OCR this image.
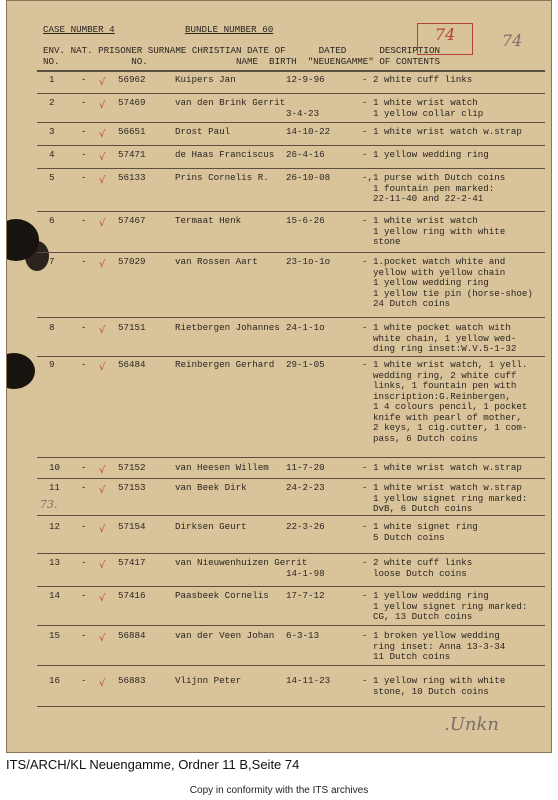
CASE NUMBER 4	BUNDLE NUMBER 60	74	74
ENV. NAT. PRISONER SURNAME CHRISTIAN DATE OF      DATED      DESCRIPTION
NO.             NO.                NAME  BIRTH  "NEUENGAMME" OF CONTENTS
1	-	56962	Kuipers Jan	12-9-96	- 2 white cuff links
√
2	-	57469	van den Brink Gerrit
3-4-23
- 1 white wrist watch
1 yellow collar clip
√
3	-	56651	Drost Paul	14-10-22	- 1 white wrist watch w.strap
√
4	-	57471	de Haas Franciscus 26-4-16	- 1 yellow wedding ring
√
5	-	56133	Prins Cornelis R. 26-10-08	-, 1 purse with Dutch coins
1 fountain pen marked:
22-11-40 and 22-2-41
√
6	-	57467	Termaat Henk	15-6-26	- 1 white wrist watch
1 yellow ring with white
stone
√
7	-	57029	van Rossen Aart	23-1o-1o	- 1.pocket watch white and
yellow with yellow chain
1 yellow wedding ring
1 yellow tie pin (horse-shoe)
24 Dutch coins
√
8	-	57151	Rietbergen Johannes 24-1-1o	- 1 white pocket watch with
white chain, 1 yellow wed-
ding ring inset:W.V.5-1-32
√
9	-	56484	Reinbergen Gerhard 29-1-05	- 1 white wrist watch, 1 yell.
wedding ring, 2 white cuff
links, 1 fountain pen with
inscription:G.Reinbergen,
1 4 colours pencil, 1 pocket
knife with pearl of mother,
2 keys, 1 cig.cutter, 1 com-
pass, 6 Dutch coins
√
10 -	57152	van Heesen Willem 11-7-20	- 1 white wrist watch w.strap
√
11 -	57153	van Beek Dirk	24-2-23	- 1 white wrist watch w.strap
1 yellow signet ring marked:
DvB, 6 Dutch coins
√
12 -	57154	Dirksen Geurt	22-3-26	- 1 white signet ring
5 Dutch coins
√
13 -	57417	van Nieuwenhuizen Gerrit
14-1-98
- 2 white cuff links
loose Dutch coins
√
14 -	57416	Paasbeek Cornelis 17-7-12	- 1 yellow wedding ring
1 yellow signet ring marked:
CG, 13 Dutch coins
√
15 -	56884	van der Veen Johan 6-3-13	- 1 broken yellow wedding
ring inset: Anna 13-3-34
11 Dutch coins
√
16 -	56883	Vlijnn Peter	14-11-23	- 1 yellow ring with white
stone, 10 Dutch coins
√
73.
.Unkn
ITS/ARCH/KL Neuengamme, Ordner 11 B,Seite 74
Copy in conformity with the ITS archives
